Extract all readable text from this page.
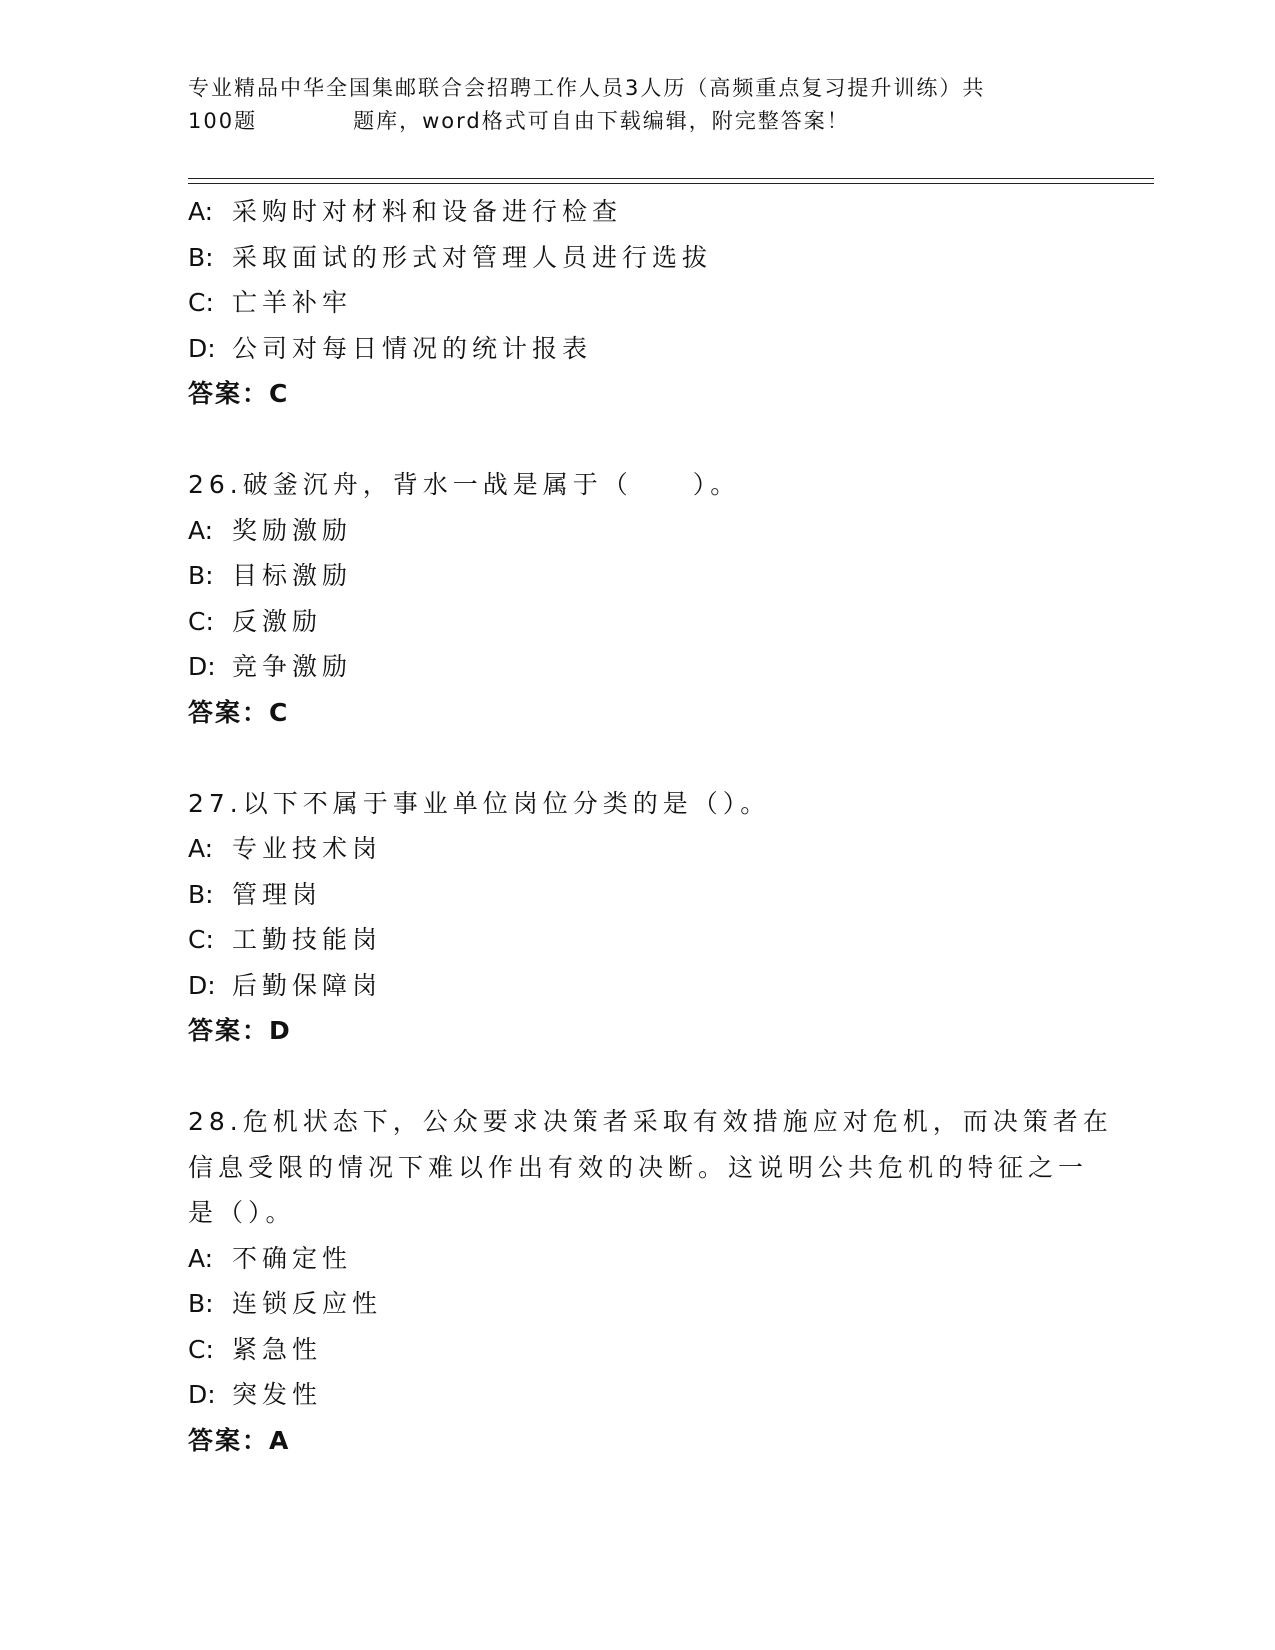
专业精品中华全国集邮联合会招聘工作人员3人历（高频重点复习提升训练）共
100题	题库，word格式可自由下载编辑，附完整答案！
A: 采购时对材料和设备进行检查
B: 采取面试的形式对管理人员进行选拔
C: 亡羊补牢
D: 公司对每日情况的统计报表
答案：C
26.破釜沉舟，背水一战是属于（　　）。
A: 奖励激励
B: 目标激励
C: 反激励
D: 竞争激励
答案：C
27.以下不属于事业单位岗位分类的是（）。
A: 专业技术岗
B: 管理岗
C: 工勤技能岗
D: 后勤保障岗
答案：D
28.危机状态下，公众要求决策者采取有效措施应对危机，而决策者在
信息受限的情况下难以作出有效的决断。这说明公共危机的特征之一
是（）。
A: 不确定性
B: 连锁反应性
C: 紧急性
D: 突发性
答案：A
